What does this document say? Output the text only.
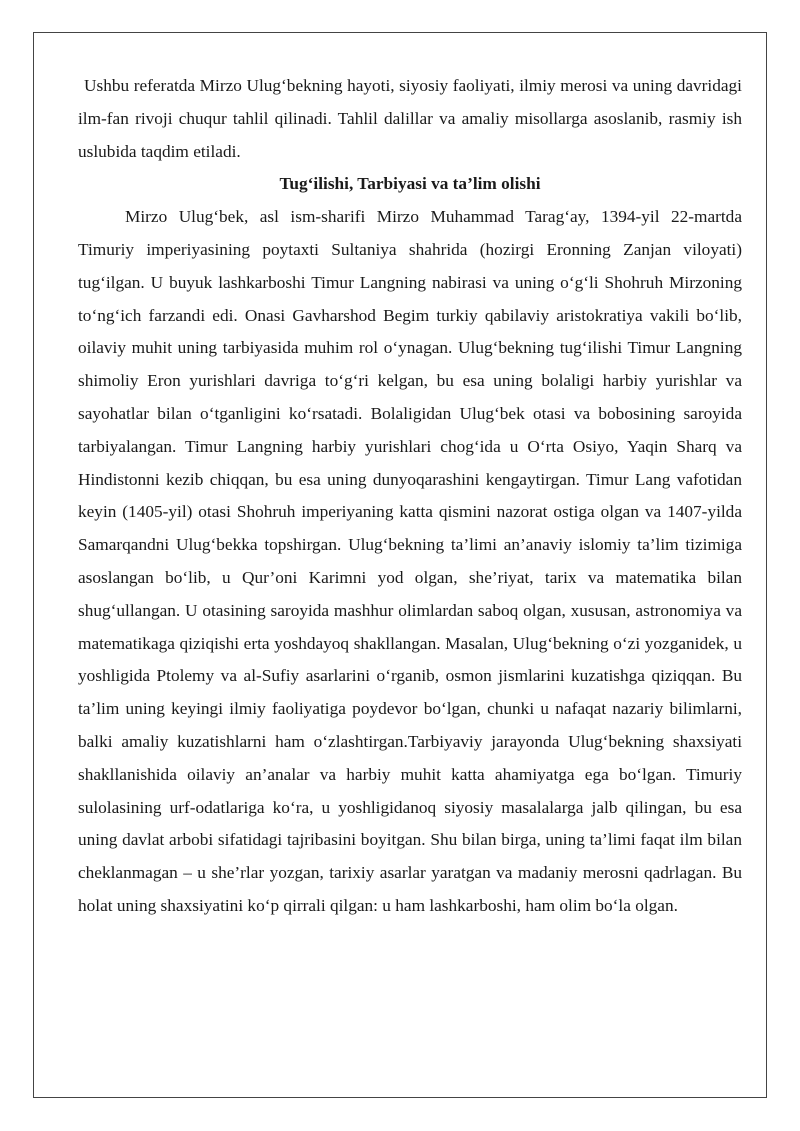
Ushbu referatda Mirzo Ulug‘bekning hayoti, siyosiy faoliyati, ilmiy merosi va uning davridagi ilm-fan rivoji chuqur tahlil qilinadi. Tahlil dalillar va amaliy misollarga asoslanib, rasmiy ish uslubida taqdim etiladi.

Tug‘ilishi, Tarbiyasi va ta’lim olishi

Mirzo Ulug‘bek, asl ism-sharifi Mirzo Muhammad Tarag‘ay, 1394-yil 22-martda Timuriy imperiyasining poytaxti Sultaniya shahrida (hozirgi Eronning Zanjan viloyati) tug‘ilgan. U buyuk lashkarboshi Timur Langning nabirasi va uning o‘g‘li Shohruh Mirzoning to‘ng‘ich farzandi edi. Onasi Gavharshod Begim turkiy qabilaviy aristokratiya vakili bo‘lib, oilaviy muhit uning tarbiyasida muhim rol o‘ynagan. Ulug‘bekning tug‘ilishi Timur Langning shimoliy Eron yurishlari davriga to‘g‘ri kelgan, bu esa uning bolaligi harbiy yurishlar va sayohatlar bilan o‘tganligini ko‘rsatadi. Bolaligidan Ulug‘bek otasi va bobosining saroyida tarbiyalangan. Timur Langning harbiy yurishlari chog‘ida u O‘rta Osiyo, Yaqin Sharq va Hindistonni kezib chiqqan, bu esa uning dunyoqarashini kengaytirgan. Timur Lang vafotidan keyin (1405-yil) otasi Shohruh imperiyaning katta qismini nazorat ostiga olgan va 1407-yilda Samarqandni Ulug‘bekka topshirgan. Ulug‘bekning ta’limi an’anaviy islomiy ta’lim tizimiga asoslangan bo‘lib, u Qur’oni Karimni yod olgan, she’riyat, tarix va matematika bilan shug‘ullangan. U otasining saroyida mashhur olimlardan saboq olgan, xususan, astronomiya va matematikaga qiziqishi erta yoshdayoq shakllangan. Masalan, Ulug‘bekning o‘zi yozganidek, u yoshligida Ptolemy va al-Sufiy asarlarini o‘rganib, osmon jismlarini kuzatishga qiziqqan. Bu ta’lim uning keyingi ilmiy faoliyatiga poydevor bo‘lgan, chunki u nafaqat nazariy bilimlarni, balki amaliy kuzatishlarni ham o‘zlashtirgan.Tarbiyaviy jarayonda Ulug‘bekning shaxsiyati shakllanishida oilaviy an’analar va harbiy muhit katta ahamiyatga ega bo‘lgan. Timuriy sulolasining urf-odatlariga ko‘ra, u yoshligidanoq siyosiy masalalarga jalb qilingan, bu esa uning davlat arbobi sifatidagi tajribasini boyitgan. Shu bilan birga, uning ta’limi faqat ilm bilan cheklanmagan – u she’rlar yozgan, tarixiy asarlar yaratgan va madaniy merosni qadrlagan. Bu holat uning shaxsiyatini ko‘p qirrali qilgan: u ham lashkarboshi, ham olim bo‘la olgan.
